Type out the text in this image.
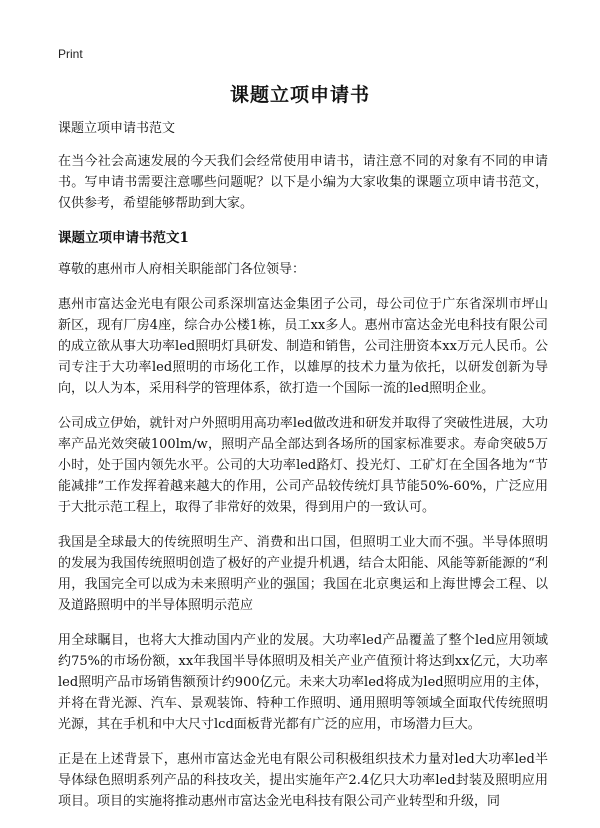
Print
课题立项申请书

课题立项申请书范文

在当今社会高速发展的今天我们会经常使用申请书，请注意不同的对象有不同的申请书。写申请书需要注意哪些问题呢？以下是小编为大家收集的课题立项申请书范文，仅供参考，希望能够帮助到大家。

课题立项申请书范文1

尊敬的惠州市人府相关职能部门各位领导：

惠州市富达金光电有限公司系深圳富达金集团子公司，母公司位于广东省深圳市坪山新区，现有厂房4座，综合办公楼1栋，员工xx多人。惠州市富达金光电科技有限公司的成立欲从事大功率led照明灯具研发、制造和销售，公司注册资本xx万元人民币。公司专注于大功率led照明的市场化工作，以雄厚的技术力量为依托，以研发创新为导向，以人为本，采用科学的管理体系，欲打造一个国际一流的led照明企业。

公司成立伊始，就针对户外照明用高功率led做改进和研发并取得了突破性进展，大功率产品光效突破100lm/w，照明产品全部达到各场所的国家标准要求。寿命突破5万小时，处于国内领先水平。公司的大功率led路灯、投光灯、工矿灯在全国各地为“节能减排”工作发挥着越来越大的作用，公司产品较传统灯具节能50%-60%，广泛应用于大批示范工程上，取得了非常好的效果，得到用户的一致认可。

我国是全球最大的传统照明生产、消费和出口国，但照明工业大而不强。半导体照明的发展为我国传统照明创造了极好的产业提升机遇，结合太阳能、风能等新能源的“利用，我国完全可以成为未来照明产业的强国；我国在北京奥运和上海世博会工程、以及道路照明中的半导体照明示范应

用全球瞩目，也将大大推动国内产业的发展。大功率led产品覆盖了整个led应用领域约75%的市场份额，xx年我国半导体照明及相关产业产值预计将达到xx亿元，大功率led照明产品市场销售额预计约900亿元。未来大功率led将成为led照明应用的主体，并将在背光源、汽车、景观装饰、特种工作照明、通用照明等领域全面取代传统照明光源，其在手机和中大尺寸lcd面板背光都有广泛的应用，市场潜力巨大。

正是在上述背景下，惠州市富达金光电有限公司积极组织技术力量对led大功率led半导体绿色照明系列产品的科技攻关，提出实施年产2.4亿只大功率led封装及照明应用项目。项目的实施将推动惠州市富达金光电科技有限公司产业转型和升级，同
